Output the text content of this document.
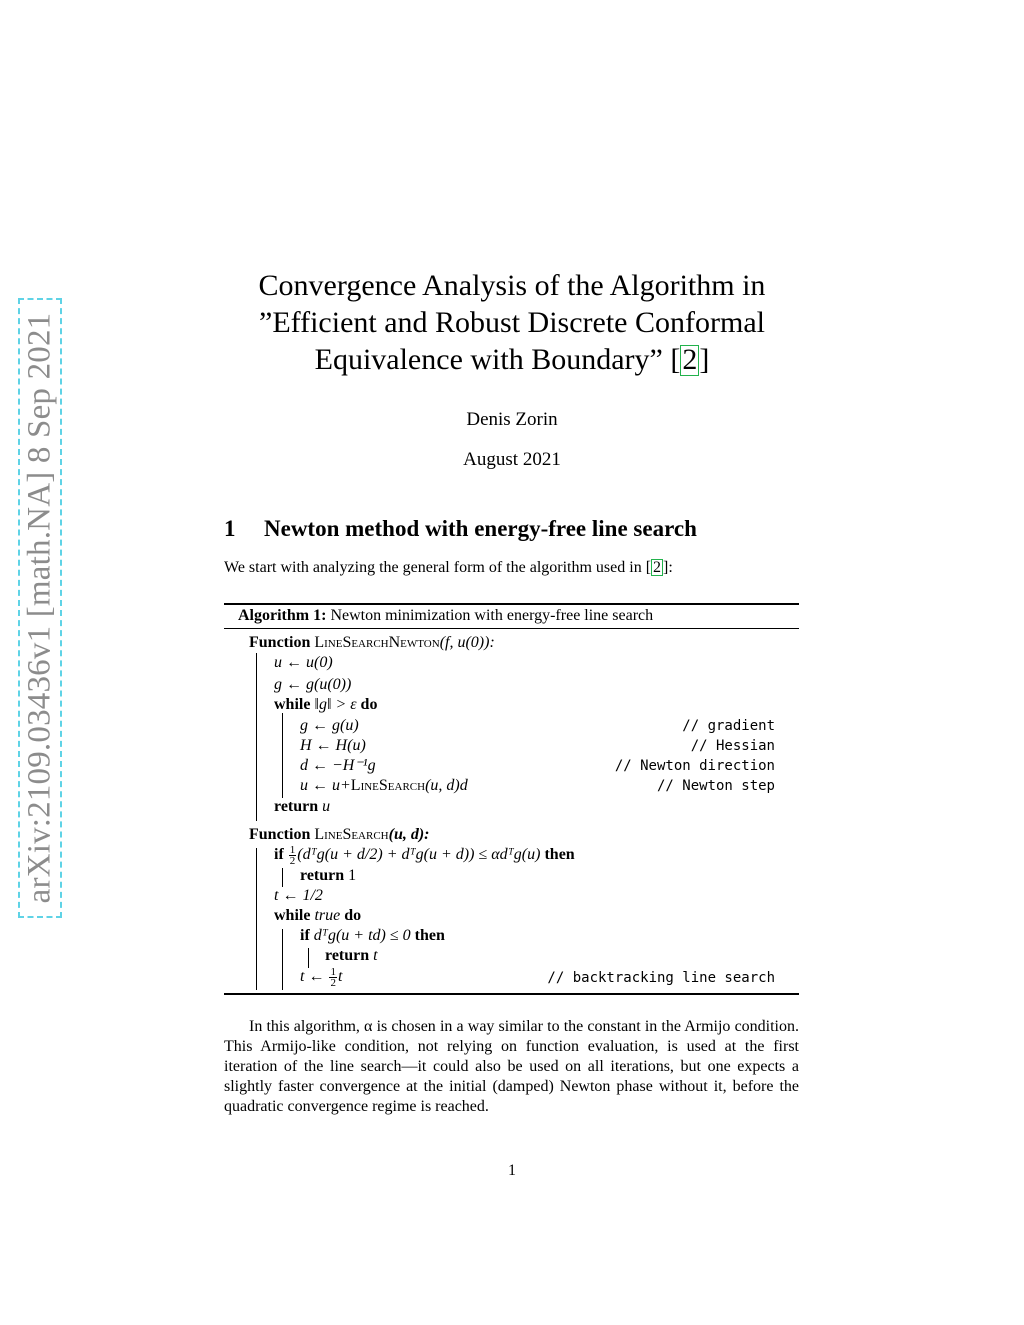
arXiv:2109.03436v1 [math.NA] 8 Sep 2021
Convergence Analysis of the Algorithm in
”Efficient and Robust Discrete Conformal
Equivalence with Boundary” [2]
Denis Zorin
August 2021
1 Newton method with energy-free line search
We start with analyzing the general form of the algorithm used in [ 2 ]:
Algorithm 1: Newton minimization with energy-free line search
Function LineSearchNewton(f, u(0)):
u ← u(0)
g ← g(u(0))
while ‖g‖ > ε do
g ← g(u)	// gradient
H ← H(u)	// Hessian
d ← −H⁻¹g	// Newton direction
u ← u+LineSearch(u, d)d	// Newton step
return u
Function LineSearch(u, d):
if $\frac{1}{2}$ (dᵀg(u + d/2) + dᵀg(u + d)) ≤ αdᵀg(u) then
return 1
t ← 1/2
while true do
if dᵀg(u + td) ≤ 0 then
return t
t ← $\frac{1}{2}$ t	// backtracking line search
In this algorithm, α is chosen in a way similar to the constant in the Armijo condition. This Armijo-like condition, not relying on function evaluation, is used at the first iteration of the line search—it could also be used on all iterations, but one expects a slightly faster convergence at the initial (damped) Newton phase without it, before the quadratic convergence regime is reached.
1
